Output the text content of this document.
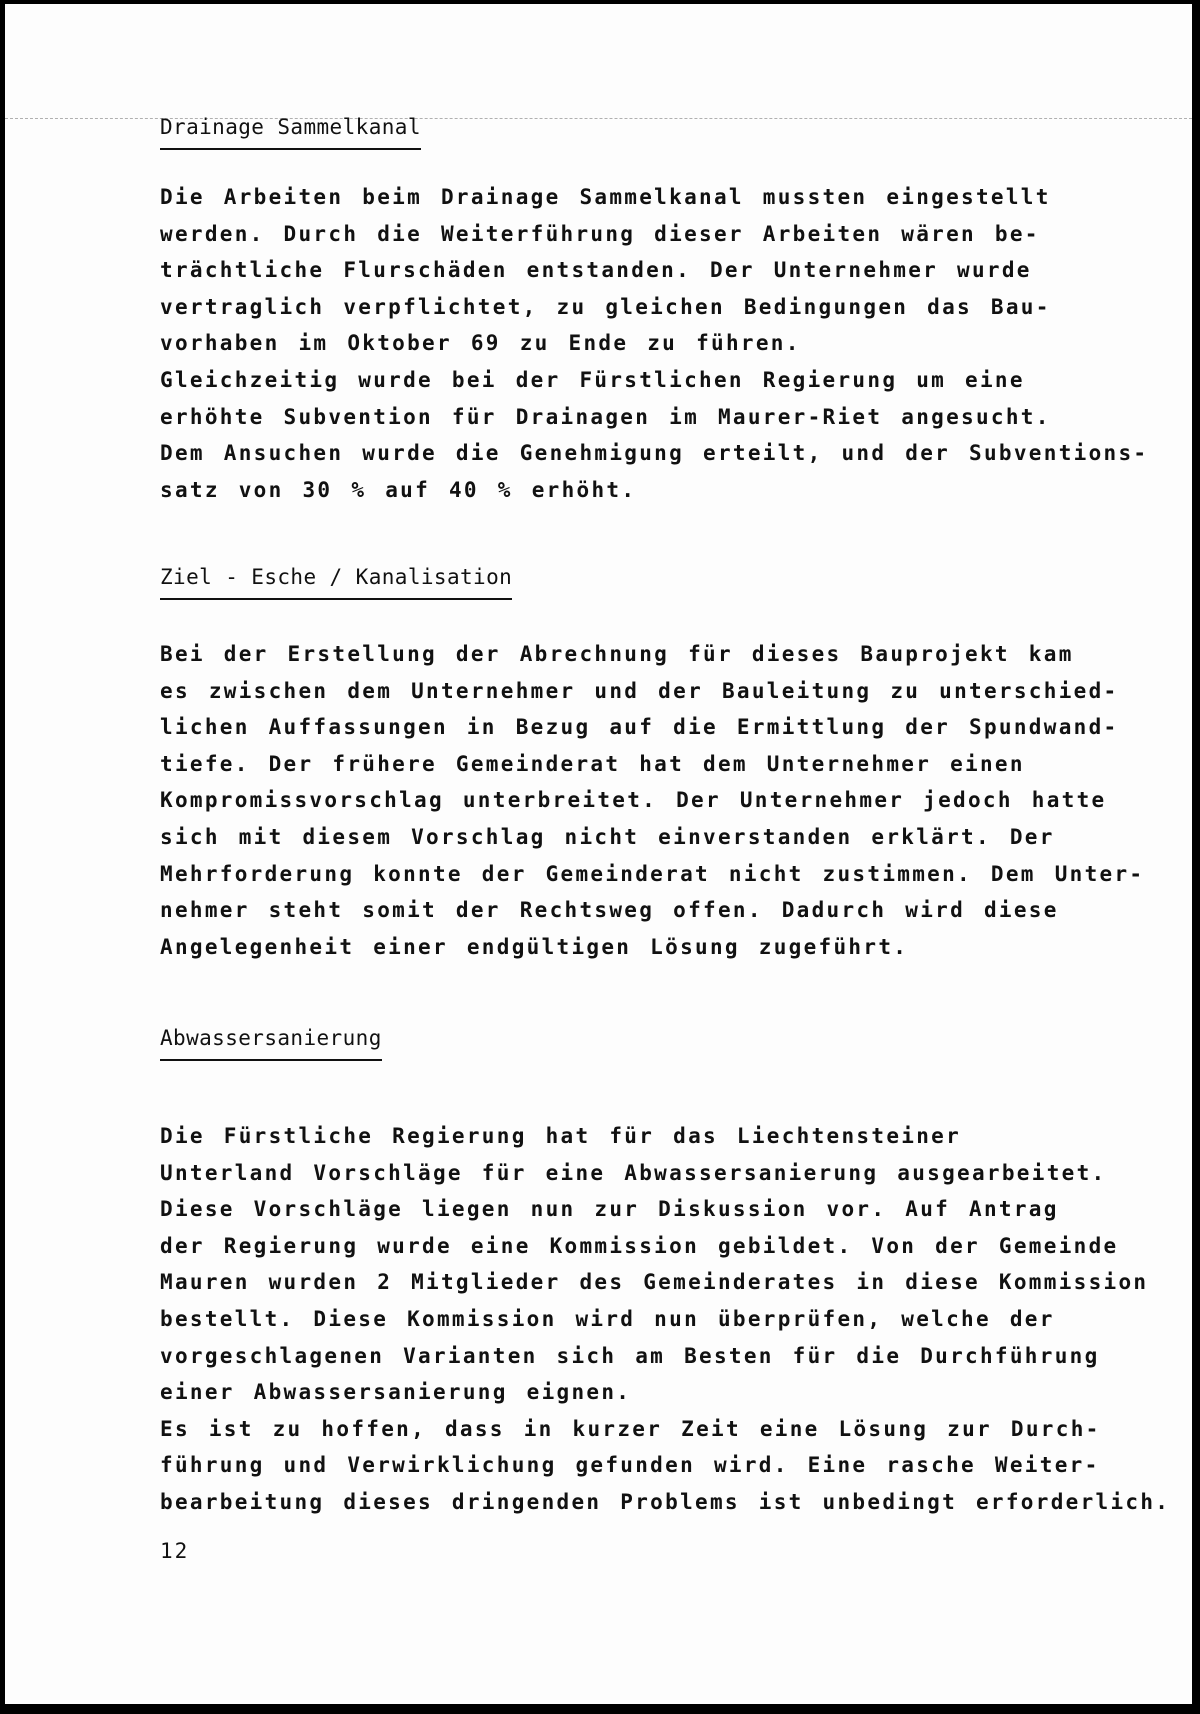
Drainage Sammelkanal
Die Arbeiten beim Drainage Sammelkanal mussten eingestellt
werden. Durch die Weiterführung dieser Arbeiten wären be-
trächtliche Flurschäden entstanden. Der Unternehmer wurde
vertraglich verpflichtet, zu gleichen Bedingungen das Bau-
vorhaben im Oktober 69 zu Ende zu führen.
Gleichzeitig wurde bei der Fürstlichen Regierung um eine
erhöhte Subvention für Drainagen im Maurer-Riet angesucht.
Dem Ansuchen wurde die Genehmigung erteilt, und der Subventions-
satz von 30 % auf 40 % erhöht.
Ziel - Esche / Kanalisation
Bei der Erstellung der Abrechnung für dieses Bauprojekt kam
es zwischen dem Unternehmer und der Bauleitung zu unterschied-
lichen Auffassungen in Bezug auf die Ermittlung der Spundwand-
tiefe. Der frühere Gemeinderat hat dem Unternehmer einen
Kompromissvorschlag unterbreitet. Der Unternehmer jedoch hatte
sich mit diesem Vorschlag nicht einverstanden erklärt. Der
Mehrforderung konnte der Gemeinderat nicht zustimmen. Dem Unter-
nehmer steht somit der Rechtsweg offen. Dadurch wird diese
Angelegenheit einer endgültigen Lösung zugeführt.
Abwassersanierung
Die Fürstliche Regierung hat für das Liechtensteiner
Unterland Vorschläge für eine Abwassersanierung ausgearbeitet.
Diese Vorschläge liegen nun zur Diskussion vor. Auf Antrag
der Regierung wurde eine Kommission gebildet. Von der Gemeinde
Mauren wurden 2 Mitglieder des Gemeinderates in diese Kommission
bestellt. Diese Kommission wird nun überprüfen, welche der
vorgeschlagenen Varianten sich am Besten für die Durchführung
einer Abwassersanierung eignen.
Es ist zu hoffen, dass in kurzer Zeit eine Lösung zur Durch-
führung und Verwirklichung gefunden wird. Eine rasche Weiter-
bearbeitung dieses dringenden Problems ist unbedingt erforderlich.
12
